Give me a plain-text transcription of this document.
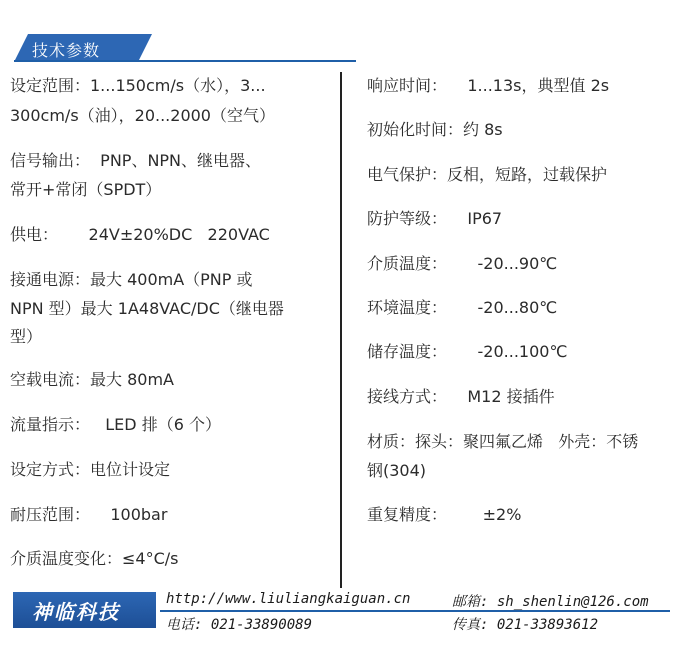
技术参数
设定范围：1...150cm/s（水），3...
300cm/s（油），20...2000（空气）
信号输出：  PNP、NPN、继电器、
常开+常闭（SPDT）
供电：      24V±20%DC   220VAC
接通电源：最大 400mA（PNP 或
NPN 型）最大 1A48VAC/DC（继电器
型）
空载电流：最大 80mA
流量指示：   LED 排（6 个）
设定方式：电位计设定
耐压范围：    100bar
介质温度变化：≤4°C/s
响应时间：    1...13s，典型值 2s
初始化时间：约 8s
电气保护：反相，短路，过载保护
防护等级：    IP67
介质温度：      -20...90℃
环境温度：      -20...80℃
储存温度：      -20...100℃
接线方式：    M12 接插件
材质：探头：聚四氟乙烯   外壳：不锈
钢(304)
重复精度：       ±2%
神临科技
http://www.liuliangkaiguan.cn	邮箱: sh_shenlin@126.com
电话: 021-33890089	传真: 021-33893612
